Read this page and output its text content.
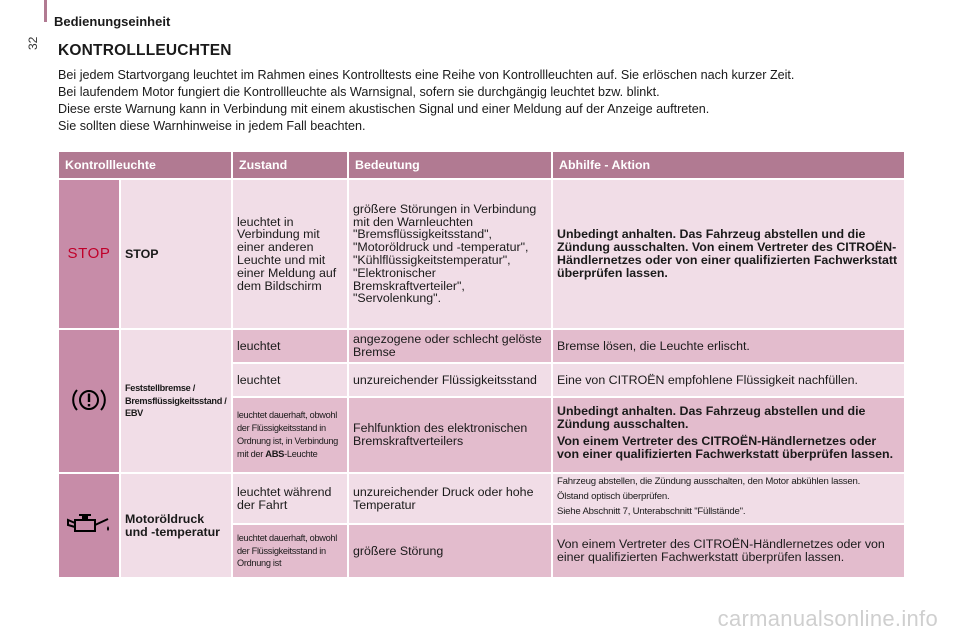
32
Bedienungseinheit
KONTROLLLEUCHTEN

Bei jedem Startvorgang leuchtet im Rahmen eines Kontrolltests eine Reihe von Kontrollleuchten auf. Sie erlöschen nach kurzer Zeit.

Bei laufendem Motor fungiert die Kontrollleuchte als Warnsignal, sofern sie durchgängig leuchtet bzw. blinkt.

Diese erste Warnung kann in Verbindung mit einem akustischen Signal und einer Meldung auf der Anzeige auftreten.

Sie sollten diese Warnhinweise in jedem Fall beachten.

Kontrollleuchte		Zustand	Bedeutung	Abhilfe - Aktion
STOP	STOP	leuchtet in Verbindung mit einer anderen Leuchte und mit einer Meldung auf dem Bildschirm	größere Störungen in Verbindung mit den Warnleuchten "Bremsflüssigkeitsstand", "Motoröldruck und -temperatur", "Kühlflüssigkeitstemperatur", "Elektronischer Bremskraftverteiler", "Servolenkung".	Unbedingt anhalten. Das Fahrzeug abstellen und die Zündung ausschalten. Von einem Vertreter des CITROËN-Händlernetzes oder von einer qualifizierten Fachwerkstatt überprüfen lassen.
	Feststellbremse / Bremsflüssigkeitsstand / EBV	leuchtet	angezogene oder schlecht gelöste Bremse	Bremse lösen, die Leuchte erlischt.
		leuchtet	unzureichender Flüssigkeitsstand	Eine von CITROËN empfohlene Flüssigkeit nachfüllen.
		leuchtet dauerhaft, obwohl der Flüssigkeitsstand in Ordnung ist, in Verbindung mit der ABS-Leuchte	Fehlfunktion des elektronischen Bremskraftverteilers	Unbedingt anhalten. Das Fahrzeug abstellen und die Zündung ausschalten.

Von einem Vertreter des CITROËN-Händlernetzes oder von einer qualifizierten Fachwerkstatt überprüfen lassen.

	Motoröldruck und -temperatur	leuchtet während der Fahrt	unzureichender Druck oder hohe Temperatur	Fahrzeug abstellen, die Zündung ausschalten, den Motor abkühlen lassen.

Ölstand optisch überprüfen.

Siehe Abschnitt 7, Unterabschnitt "Füllstände".

		leuchtet dauerhaft, obwohl der Flüssigkeitsstand in Ordnung ist	größere Störung	Von einem Vertreter des CITROËN-Händlernetzes oder von einer qualifizierten Fachwerkstatt überprüfen lassen.
carmanualsonline.info
